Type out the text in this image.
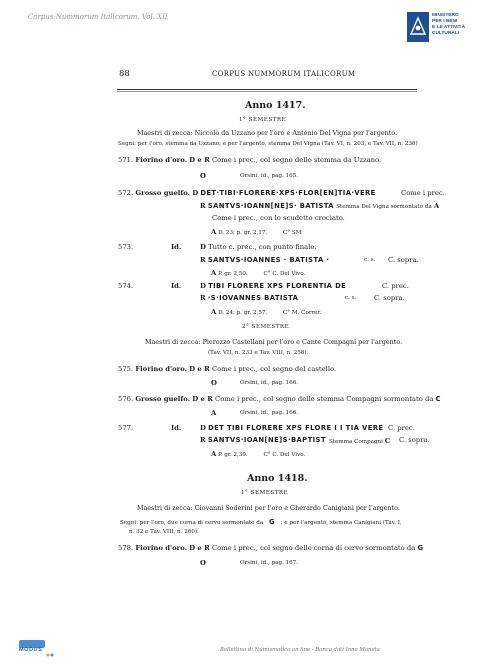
Corpus Nummorum Italicorum, Vol. XII	MINISTERO
PER I BENI
E LE ATTIVITÀ
CULTURALI
88	CORPUS NUMMORUM ITALICORUM
Anno 1417.
1° SEMESTRE
Maestri di zecca: Niccolò da Uzzano per l'oro e Antonio Del Vigna per l'argento.
Segni: per l'oro, stemma da Uzzano; e per l'argento, stemma Del Vigna (Tav. VI, n. 203, e Tav. VII, n. 236)
571. Fiorino d'oro. D e R Come i prec., col segno dello stemma da Uzzano.
O	Orsini, id., pag. 165.
572. Grosso guelfo. D DET·TIBI·FLORERE·XPS·FLOR[EN]TIA·VERE	Come i prec.
R SANTVS·IOANN[NE]S· BATISTA Stemma Del Vigna sormontato da A
Come i prec., con lo scudetto crociato.
A D. 23; p. gr. 2,17.	C° SM
573.	Id.	D Tutto c. prec., con punto finale.
R SANTVS·IOANNES · BATISTA ·	c. s. C. sopra.
A P. gr. 2,50.	C° C. Del Vivo.
574.	Id.	D TIBI FLORERE XPS FLORENTIA DE	C. prec.
R ·S·IOVANNES BATISTA	c. s.	C. sopra.
A D. 24; p. gr. 2,57.	C° M. Correr.
2° SEMESTRE
Maestri di zecca: Pierozzo Castellani per l'oro e Cante Compagni per l'argento.
(Tav. VII, n. 233 e Tav. VIII, n. 258).
575. Fiorino d'oro. D e R Come i prec., col segno del castello.
O	Orsini, id., pag. 166.
576. Grosso guelfo. D e R Come i prec., col segno dello stemma Compagni sormontato da C
A	Orsini, id., pag. 166.
577.	Id.	D DET TIBI FLORERE XPS FLORE I I TIA VERE C. prec.
R SANTVS·IOAN[NE]S·BAPTIST Stemma Compagni C C. sopra.
A P. gr. 2,30.	C° C. Del Vivo.
Anno 1418.
1° SEMESTRE
Maestri di zecca: Giovanni Soderini per l'oro e Gherardo Canigiani per l'argento.
Segni: per l'oro, due corna di cervo sormontate da G ; e per l'argento, stemma Canigiani (Tav. I,
n. 32 e Tav. VIII, n. 260).
578. Fiorino d'oro. D e R Come i prec., col segno delle corna di cervo sormontato da G
O	Orsini, id., pag. 167.
MODUS	Bollettino di Numismatica on line - Banca dati Inno Moneta
